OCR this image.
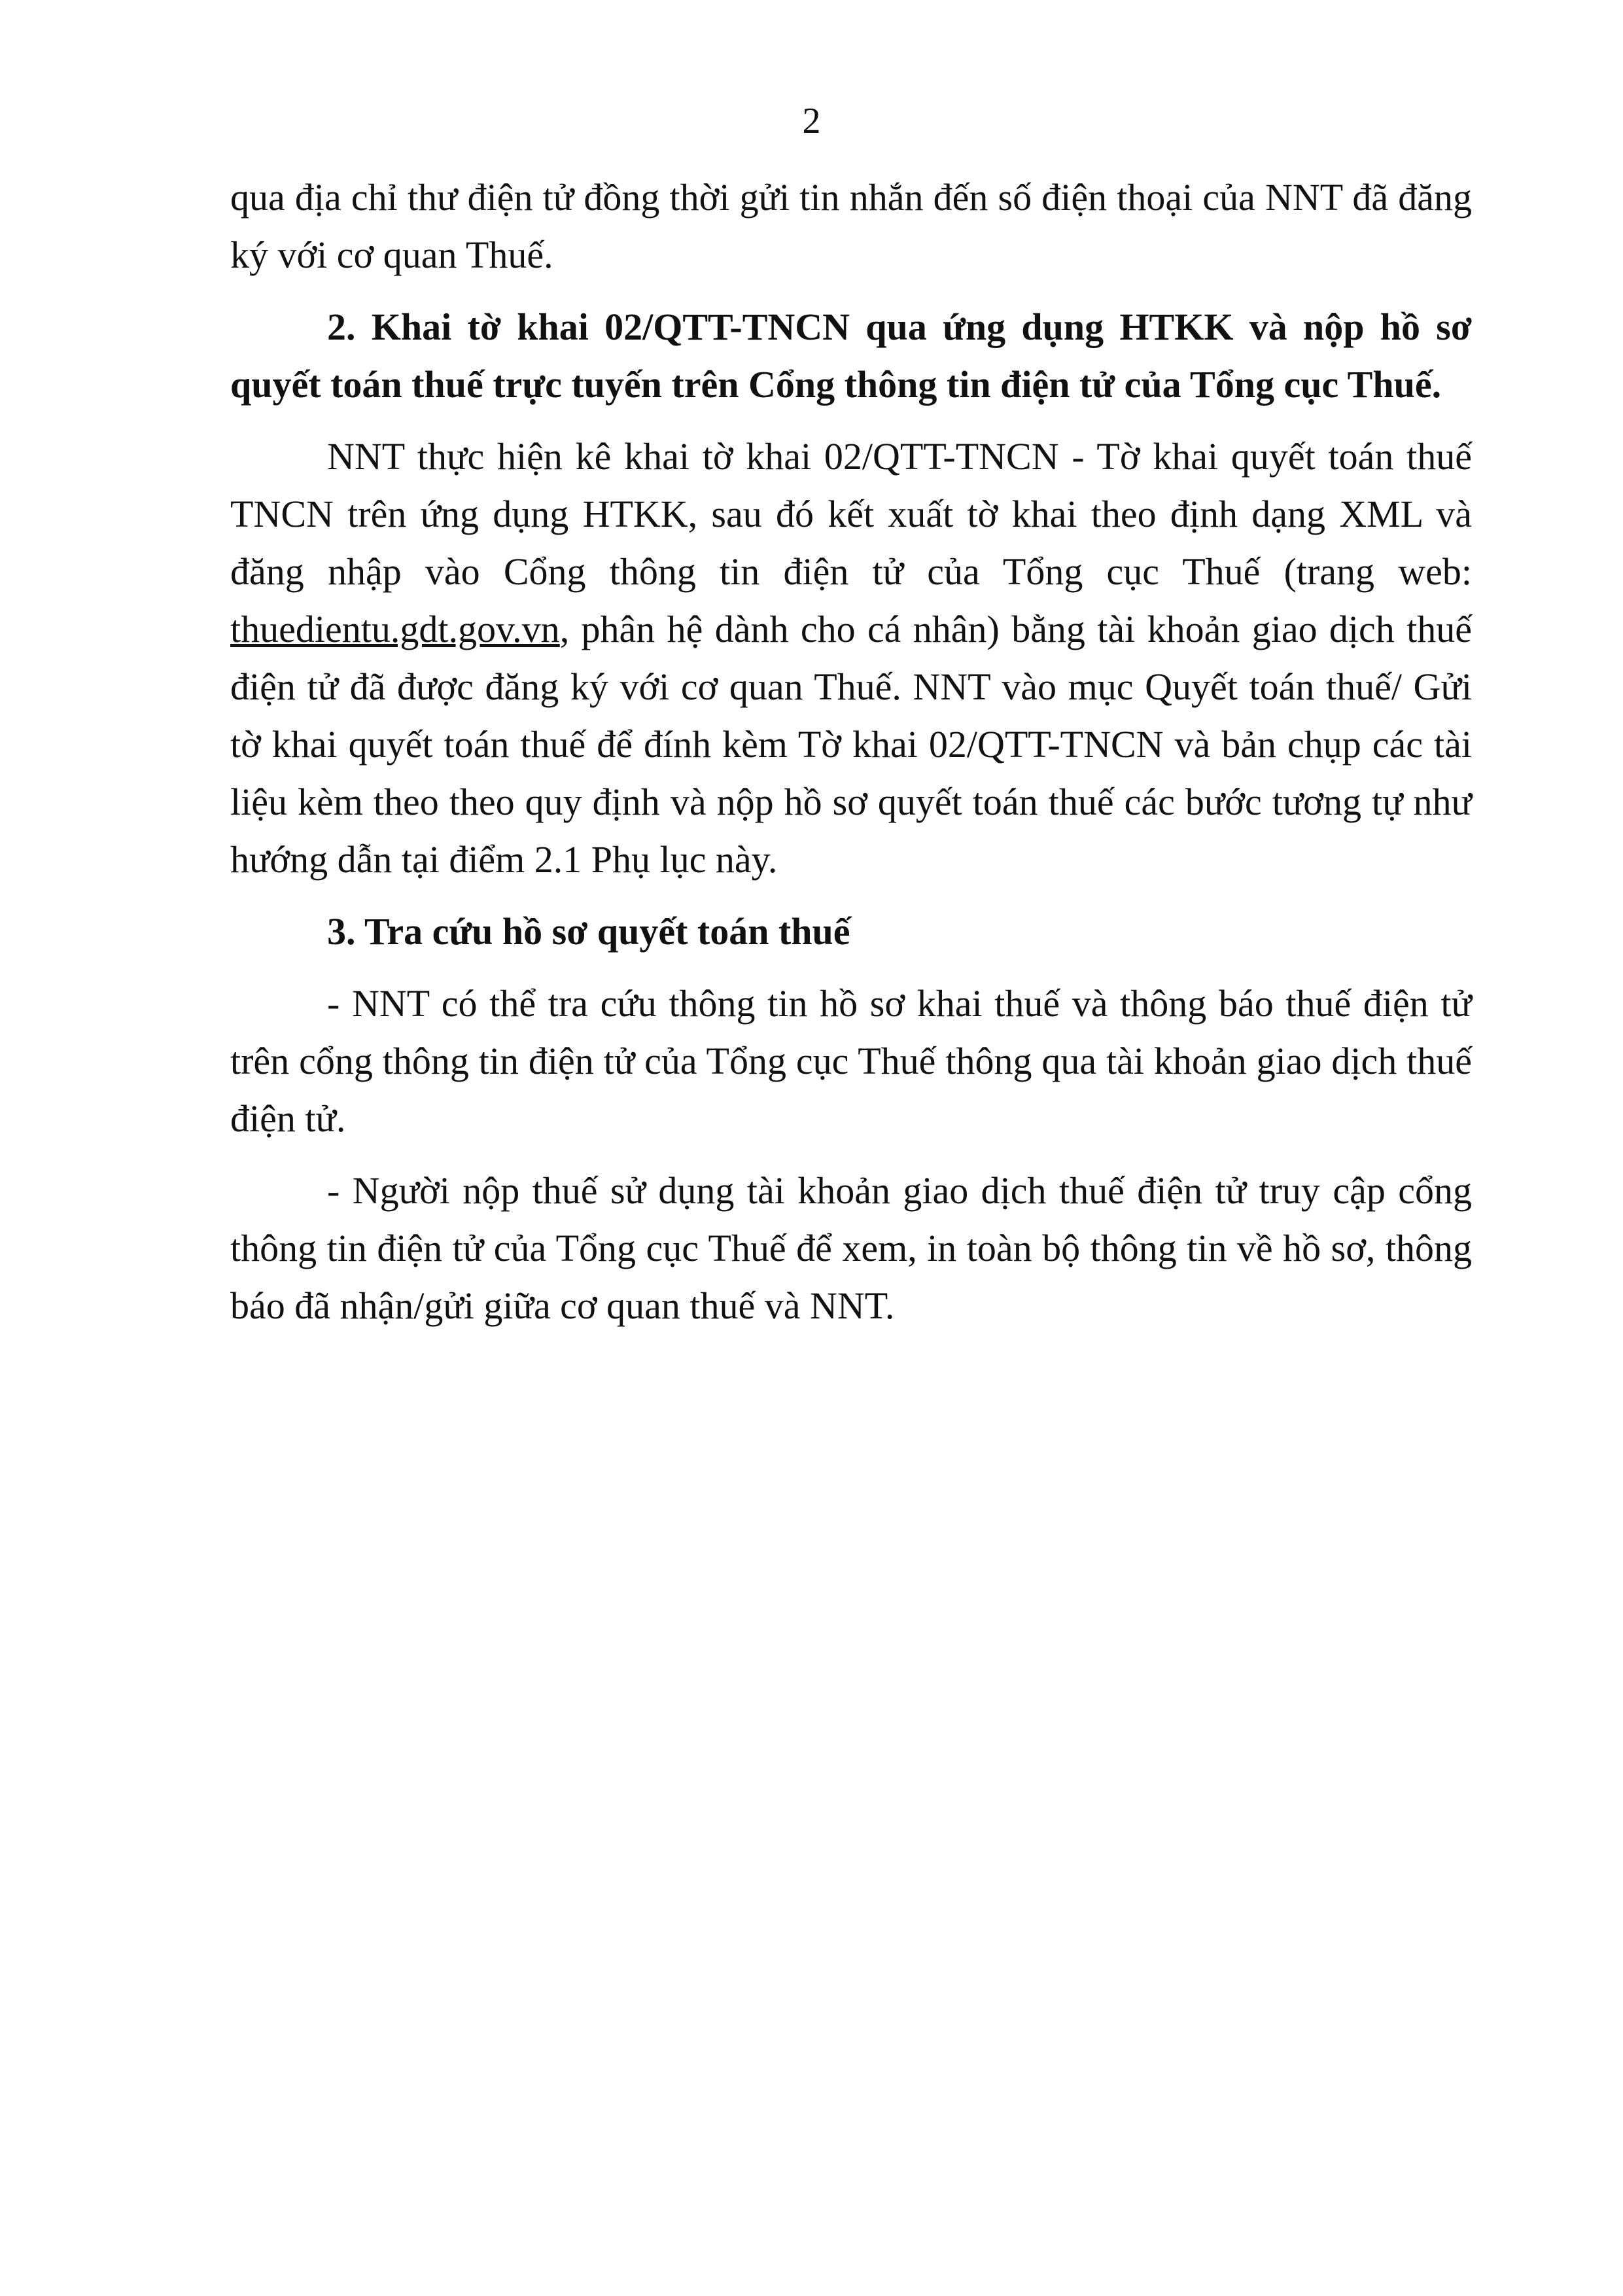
2

qua địa chỉ thư điện tử đồng thời gửi tin nhắn đến số điện thoại của NNT đã đăng ký với cơ quan Thuế.

2. Khai tờ khai 02/QTT-TNCN qua ứng dụng HTKK và nộp hồ sơ quyết toán thuế trực tuyến trên Cổng thông tin điện tử của Tổng cục Thuế.

NNT thực hiện kê khai tờ khai 02/QTT-TNCN - Tờ khai quyết toán thuế TNCN trên ứng dụng HTKK, sau đó kết xuất tờ khai theo định dạng XML và đăng nhập vào Cổng thông tin điện tử của Tổng cục Thuế (trang web: thuedientu.gdt.gov.vn, phân hệ dành cho cá nhân) bằng tài khoản giao dịch thuế điện tử đã được đăng ký với cơ quan Thuế. NNT vào mục Quyết toán thuế/ Gửi tờ khai quyết toán thuế để đính kèm Tờ khai 02/QTT-TNCN và bản chụp các tài liệu kèm theo theo quy định và nộp hồ sơ quyết toán thuế các bước tương tự như hướng dẫn tại điểm 2.1 Phụ lục này.

3. Tra cứu hồ sơ quyết toán thuế

- NNT có thể tra cứu thông tin hồ sơ khai thuế và thông báo thuế điện tử trên cổng thông tin điện tử của Tổng cục Thuế thông qua tài khoản giao dịch thuế điện tử.

- Người nộp thuế sử dụng tài khoản giao dịch thuế điện tử truy cập cổng thông tin điện tử của Tổng cục Thuế để xem, in toàn bộ thông tin về hồ sơ, thông báo đã nhận/gửi giữa cơ quan thuế và NNT.
